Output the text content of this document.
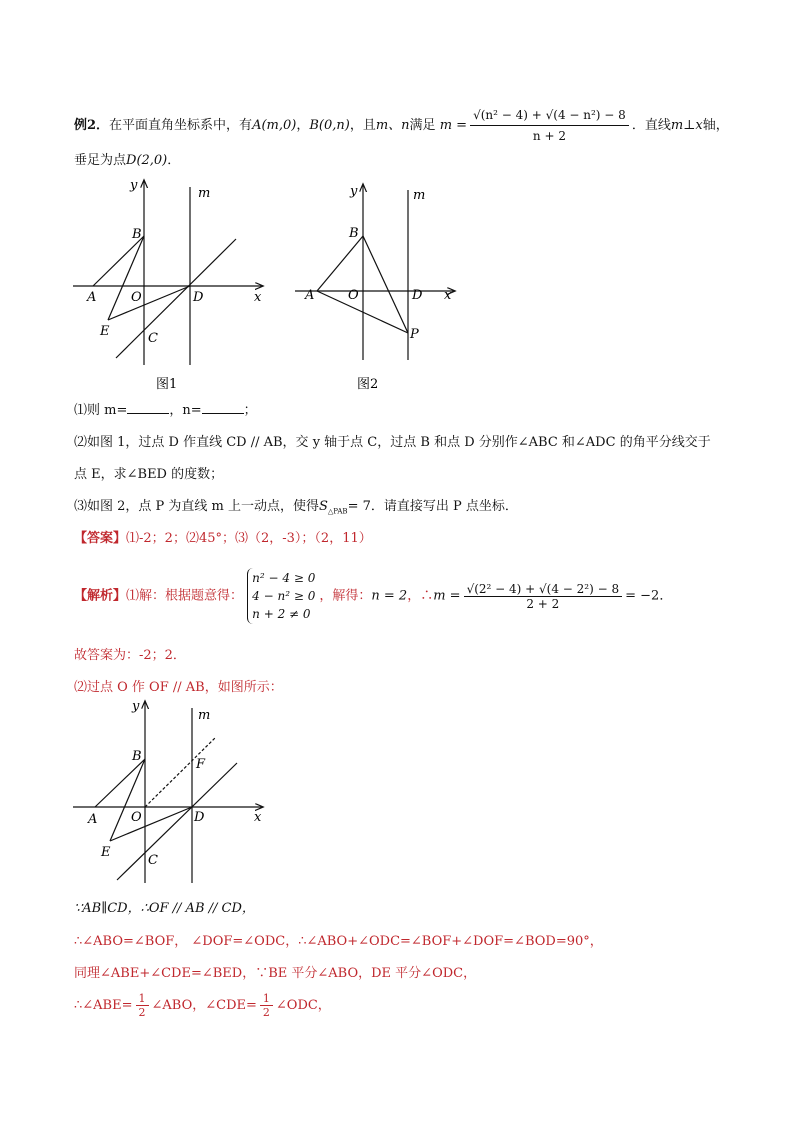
例2．在平面直角坐标系中，有A(m,0)，B(0,n)，且m、n满足 $m = \frac{\text{√(n² − 4) + √(4 − n²) − 8}}{n + 2}$ ．直线m⊥x轴，
垂足为点D(2,0)．
y
m
B
A	O	D	x
E	C
图1
y	m
B
A	O	D x
P
图2
⑴则 m=	，n=	；
⑵如图 1，过点 D 作直线 CD // AB，交 y 轴于点 C，过点 B 和点 D 分别作∠ABC 和∠ADC 的角平分线交于
点 E，求∠BED 的度数；
⑶如图 2，点 P 为直线 m 上一动点，使得$S_{\triangle PAB}= 7$．请直接写出 P 点坐标．
【答案】⑴-2；2；⑵45°；⑶（2，-3）；（2，11）
【解析】⑴解：根据题意得：
n² − 4 ≥ 0
4 − n² ≥ 0
n + 2 ≠ 0
，解得：n = 2，∴m = $\frac{\text{√(2² − 4) + √(4 − 2²) − 8}}{2 + 2} = -2$．
故答案为：-2；2．
⑵过点 O 作 OF // AB，如图所示：
y
m
B
F
A	O	D	x
E
C
∵AB∥CD，∴OF // AB // CD，
∴∠ABO=∠BOF， ∠DOF=∠ODC，∴∠ABO+∠ODC=∠BOF+∠DOF=∠BOD=90°，
同理∠ABE+∠CDE=∠BED，∵BE 平分∠ABO，DE 平分∠ODC，
∴∠ABE= $\frac{1}{2}$ ∠ABO，∠CDE= $\frac{1}{2}$ ∠ODC，
